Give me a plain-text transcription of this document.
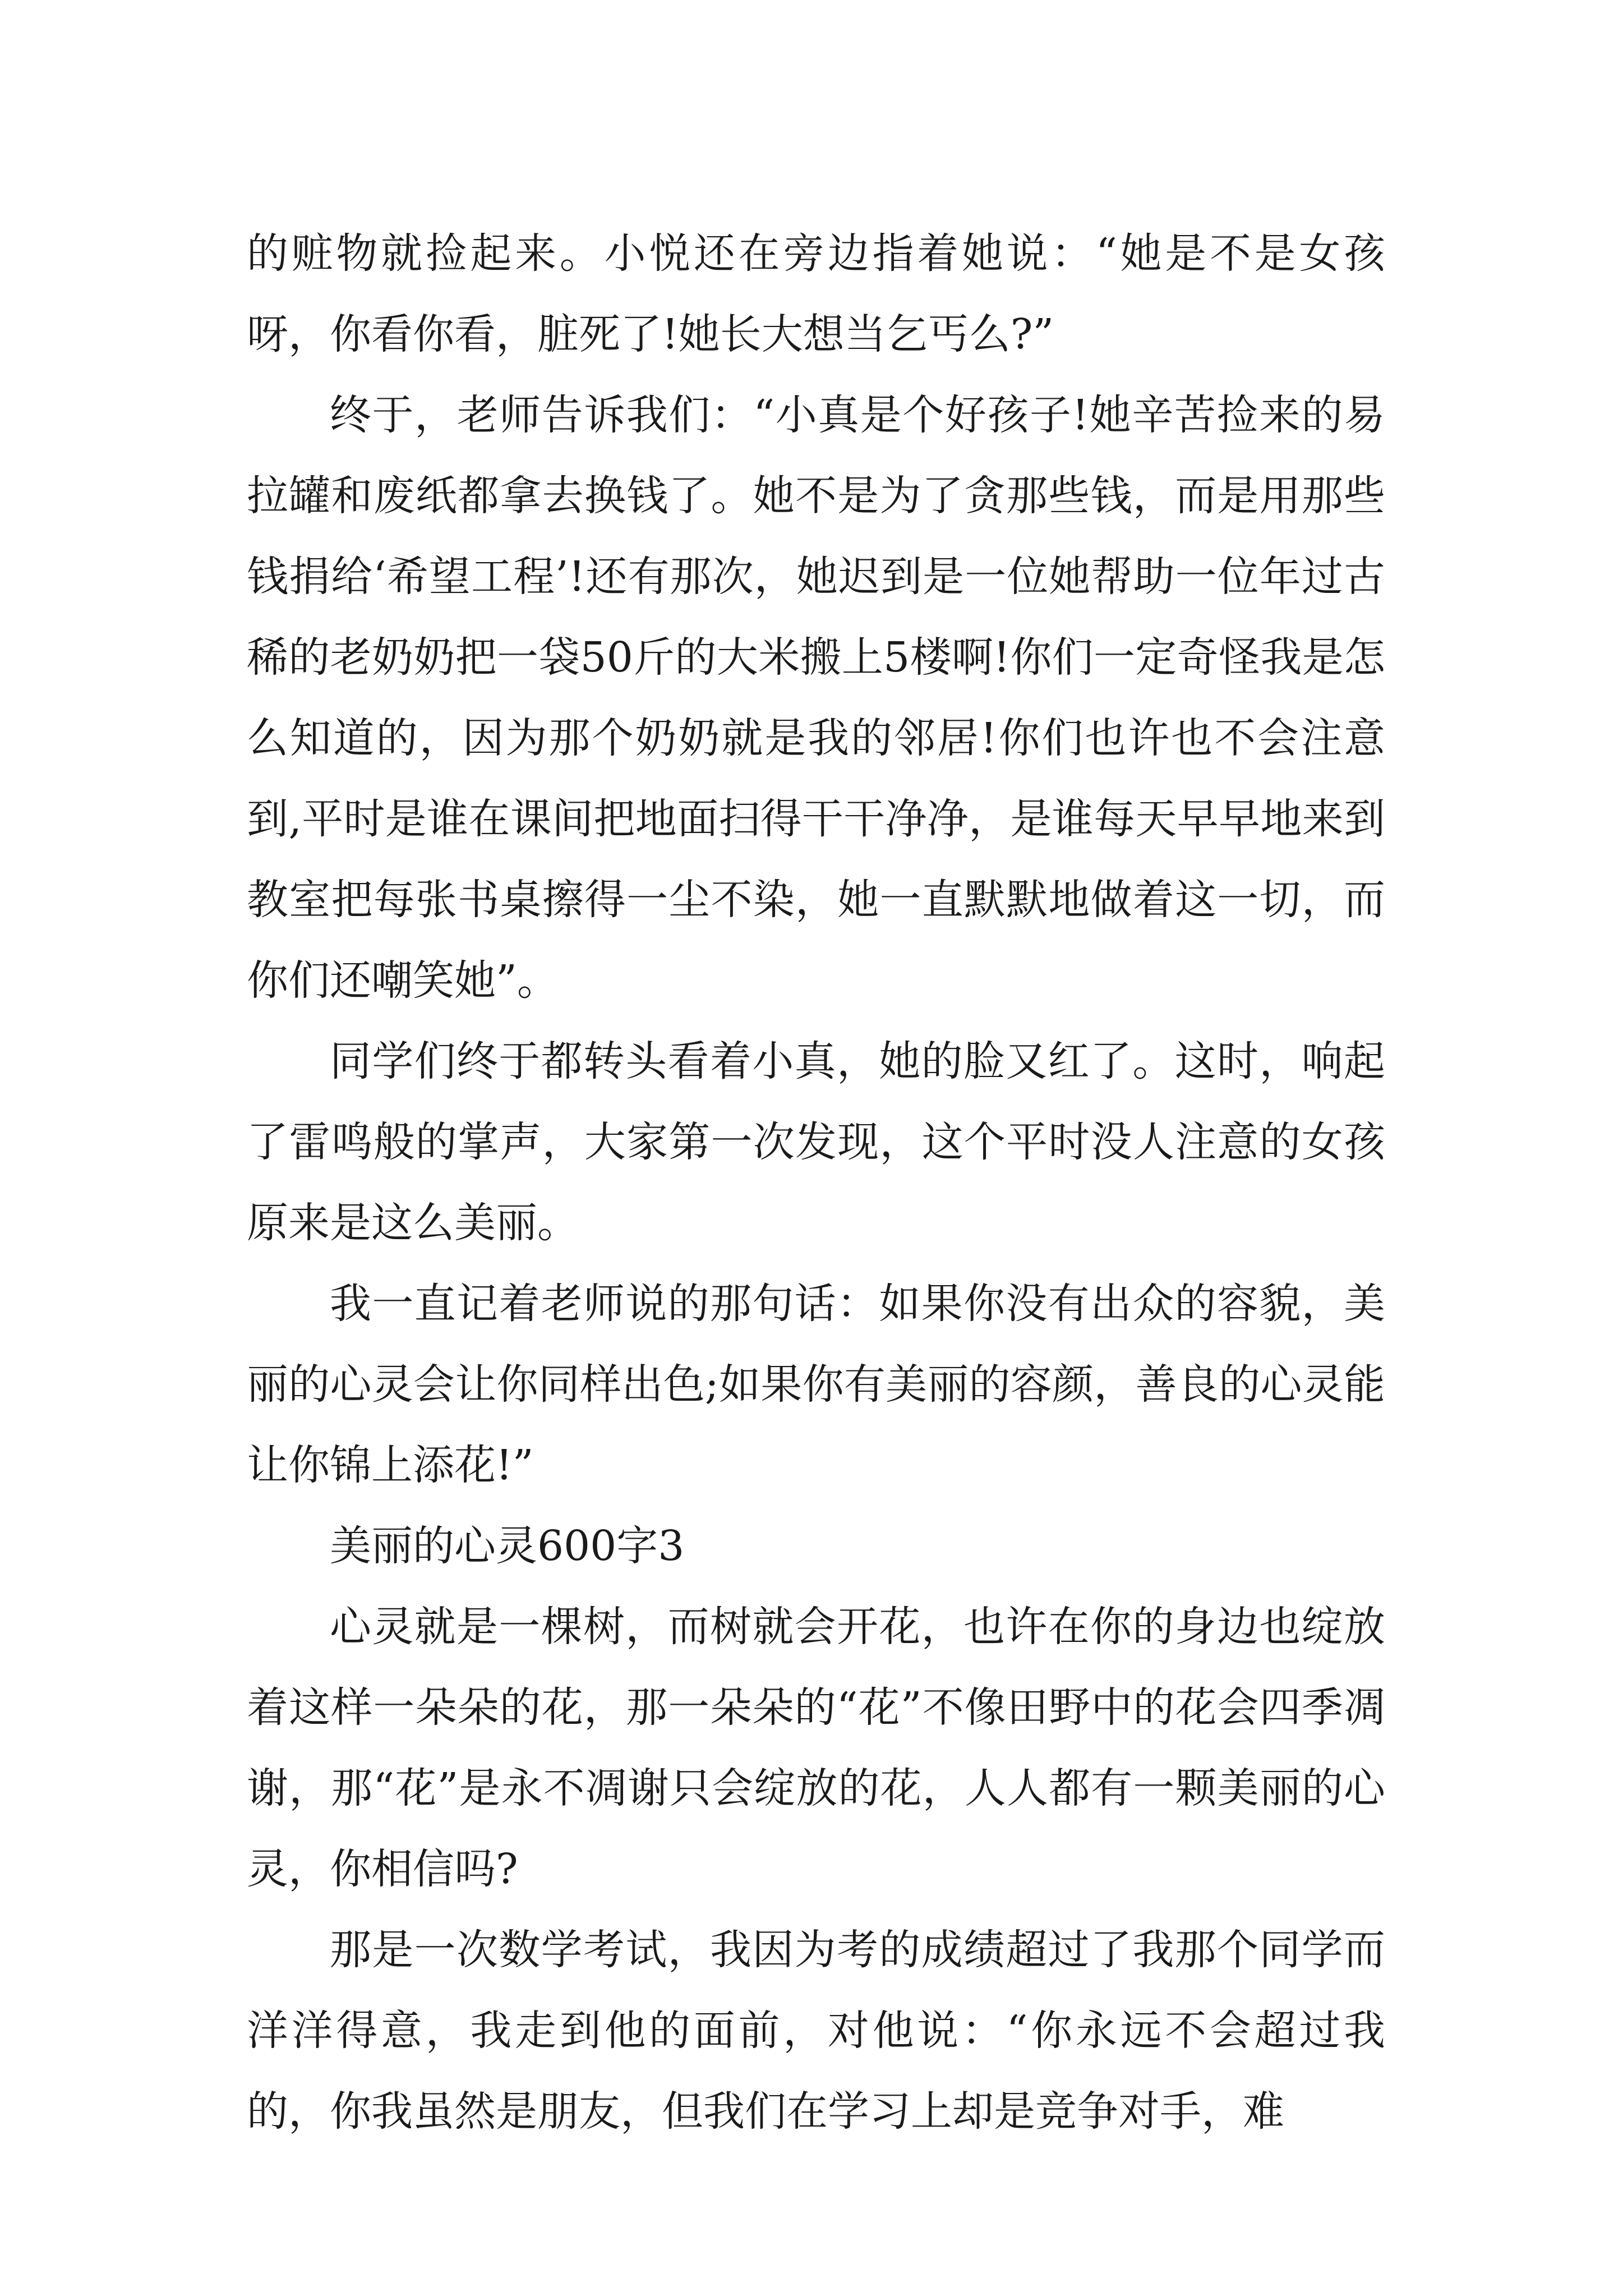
的赃物就捡起来。小悦还在旁边指着她说：“她是不是女孩呀，你看你看，脏死了!她长大想当乞丐么?”

终于，老师告诉我们：“小真是个好孩子!她辛苦捡来的易拉罐和废纸都拿去换钱了。她不是为了贪那些钱，而是用那些钱捐给‘希望工程’!还有那次，她迟到是一位她帮助一位年过古稀的老奶奶把一袋50斤的大米搬上5楼啊!你们一定奇怪我是怎么知道的，因为那个奶奶就是我的邻居!你们也许也不会注意到,平时是谁在课间把地面扫得干干净净，是谁每天早早地来到教室把每张书桌擦得一尘不染，她一直默默地做着这一切，而你们还嘲笑她”。

同学们终于都转头看着小真，她的脸又红了。这时，响起了雷鸣般的掌声，大家第一次发现，这个平时没人注意的女孩原来是这么美丽。

我一直记着老师说的那句话：如果你没有出众的容貌，美丽的心灵会让你同样出色;如果你有美丽的容颜，善良的心灵能让你锦上添花!”

美丽的心灵600字3

心灵就是一棵树，而树就会开花，也许在你的身边也绽放着这样一朵朵的花，那一朵朵的“花”不像田野中的花会四季凋谢，那“花”是永不凋谢只会绽放的花，人人都有一颗美丽的心灵，你相信吗?

那是一次数学考试，我因为考的成绩超过了我那个同学而洋洋得意，我走到他的面前，对他说：“你永远不会超过我的，你我虽然是朋友，但我们在学习上却是竞争对手，难
